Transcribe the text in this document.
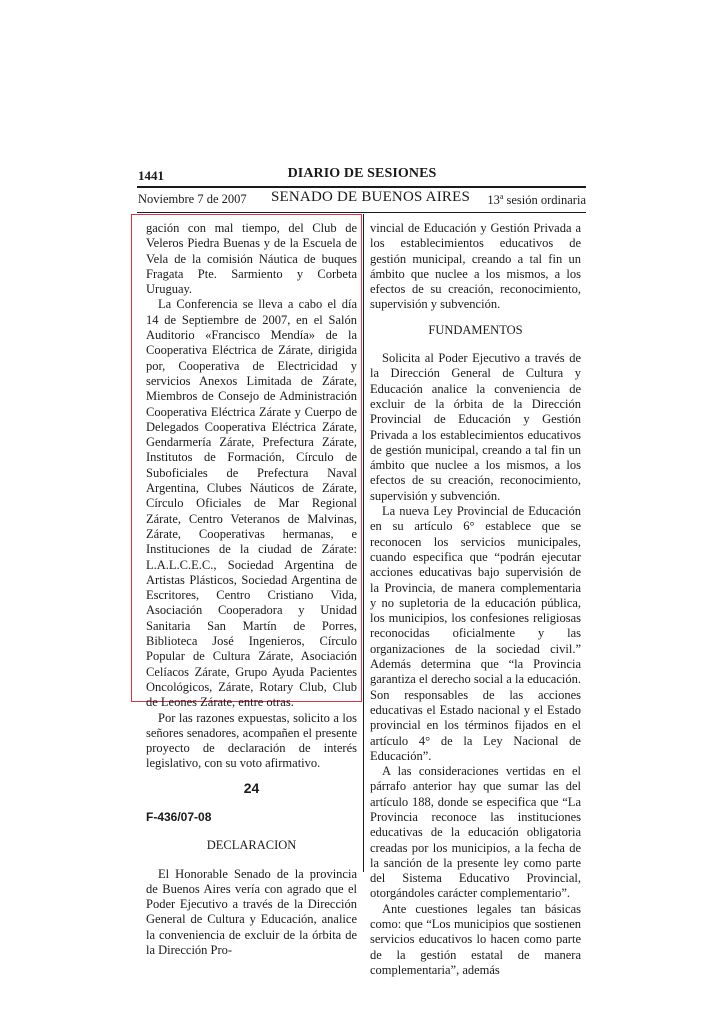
1441	DIARIO DE SESIONES
Noviembre 7 de 2007 SENADO DE BUENOS AIRES 13$^a$ sesión ordinaria

gación con mal tiempo, del Club de Veleros Piedra Buenas y de la Escuela de Vela de la comisión Náutica de buques Fragata Pte. Sarmiento y Corbeta Uruguay.

La Conferencia se lleva a cabo el día 14 de Septiembre de 2007, en el Salón Auditorio «Francisco Mendía» de la Cooperativa Eléctrica de Zárate, dirigida por, Cooperativa de Electricidad y servicios Anexos Limitada de Zárate, Miembros de Consejo de Administración Cooperativa Eléctrica Zárate y Cuerpo de Delegados Cooperativa Eléctrica Zárate, Gendarmería Zárate, Prefectura Zárate, Institutos de Formación, Círculo de Suboficiales de Prefectura Naval Argentina, Clubes Náuticos de Zárate, Círculo Oficiales de Mar Regional Zárate, Centro Veteranos de Malvinas, Zárate, Cooperativas hermanas, e Instituciones de la ciudad de Zárate: L.A.L.C.E.C., Sociedad Argentina de Artistas Plásticos, Sociedad Argentina de Escritores, Centro Cristiano Vida, Asociación Cooperadora y Unidad Sanitaria San Martín de Porres, Biblioteca José Ingenieros, Círculo Popular de Cultura Zárate, Asociación Celíacos Zárate, Grupo Ayuda Pacientes Oncológicos, Zárate, Rotary Club, Club de Leones Zárate, entre otras.

Por las razones expuestas, solicito a los señores senadores, acompañen el presente proyecto de declaración de interés legislativo, con su voto afirmativo.

24

F-436/07-08

DECLARACION

El Honorable Senado de la provincia de Buenos Aires vería con agrado que el Poder Ejecutivo a través de la Dirección General de Cultura y Educación, analice la conveniencia de excluir de la órbita de la Dirección Pro-

vincial de Educación y Gestión Privada a los establecimientos educativos de gestión municipal, creando a tal fin un ámbito que nuclee a los mismos, a los efectos de su creación, reconocimiento, supervisión y subvención.

FUNDAMENTOS

Solicita al Poder Ejecutivo a través de la Dirección General de Cultura y Educación analice la conveniencia de excluir de la órbita de la Dirección Provincial de Educación y Gestión Privada a los establecimientos educativos de gestión municipal, creando a tal fin un ámbito que nuclee a los mismos, a los efectos de su creación, reconocimiento, supervisión y subvención.

La nueva Ley Provincial de Educación en su artículo 6° establece que se reconocen los servicios municipales, cuando especifica que “podrán ejecutar acciones educativas bajo supervisión de la Provincia, de manera complementaria y no supletoria de la educación pública, los municipios, los confesiones religiosas reconocidas oficialmente y las organizaciones de la sociedad civil.” Además determina que “la Provincia garantiza el derecho social a la educación. Son responsables de las acciones educativas el Estado nacional y el Estado provincial en los términos fijados en el artículo 4° de la Ley Nacional de Educación”.

A las consideraciones vertidas en el párrafo anterior hay que sumar las del artículo 188, donde se especifica que “La Provincia reconoce las instituciones educativas de la educación obligatoria creadas por los municipios, a la fecha de la sanción de la presente ley como parte del Sistema Educativo Provincial, otorgándoles carácter complementario”.

Ante cuestiones legales tan básicas como: que “Los municipios que sostienen servicios educativos lo hacen como parte de la gestión estatal de manera complementaria”, además
